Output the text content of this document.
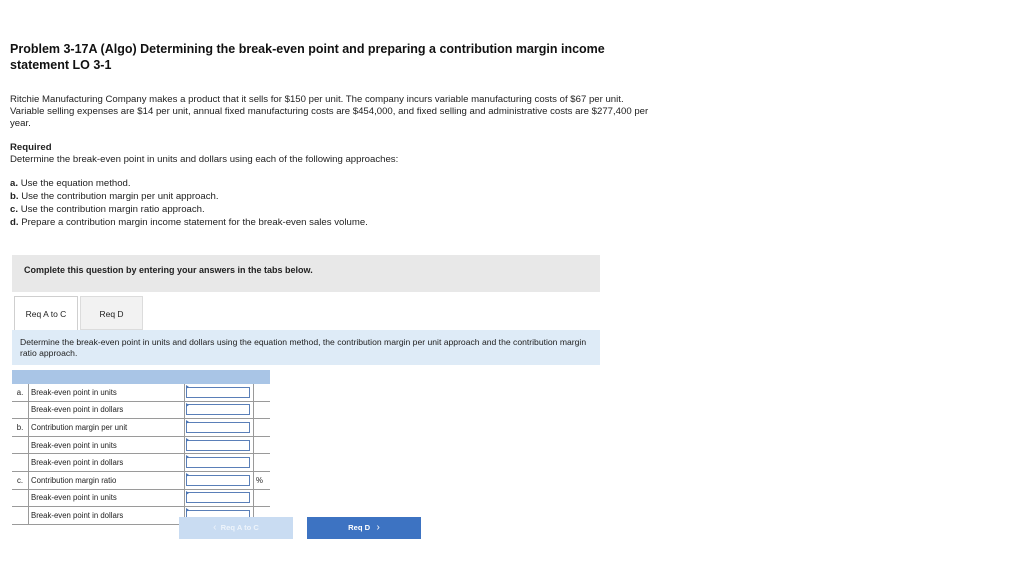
Problem 3-17A (Algo) Determining the break-even point and preparing a contribution margin income statement LO 3-1

Ritchie Manufacturing Company makes a product that it sells for $150 per unit. The company incurs variable manufacturing costs of $67 per unit. Variable selling expenses are $14 per unit, annual fixed manufacturing costs are $454,000, and fixed selling and administrative costs are $277,400 per year.

Required

Determine the break-even point in units and dollars using each of the following approaches:

a. Use the equation method.
b. Use the contribution margin per unit approach.
c. Use the contribution margin ratio approach.
d. Prepare a contribution margin income statement for the break-even sales volume.
Complete this question by entering your answers in the tabs below.
Req A to C	Req D
Determine the break-even point in units and dollars using the equation method, the contribution margin per unit approach and the contribution margin ratio approach.

a.	Break-even point in units	

	Break-even point in dollars	

b.	Contribution margin per unit	

	Break-even point in units	

	Break-even point in dollars	

c.	Contribution margin ratio		%
	Break-even point in units	

	Break-even point in dollars	

‹ Req A to C	Req D ›
